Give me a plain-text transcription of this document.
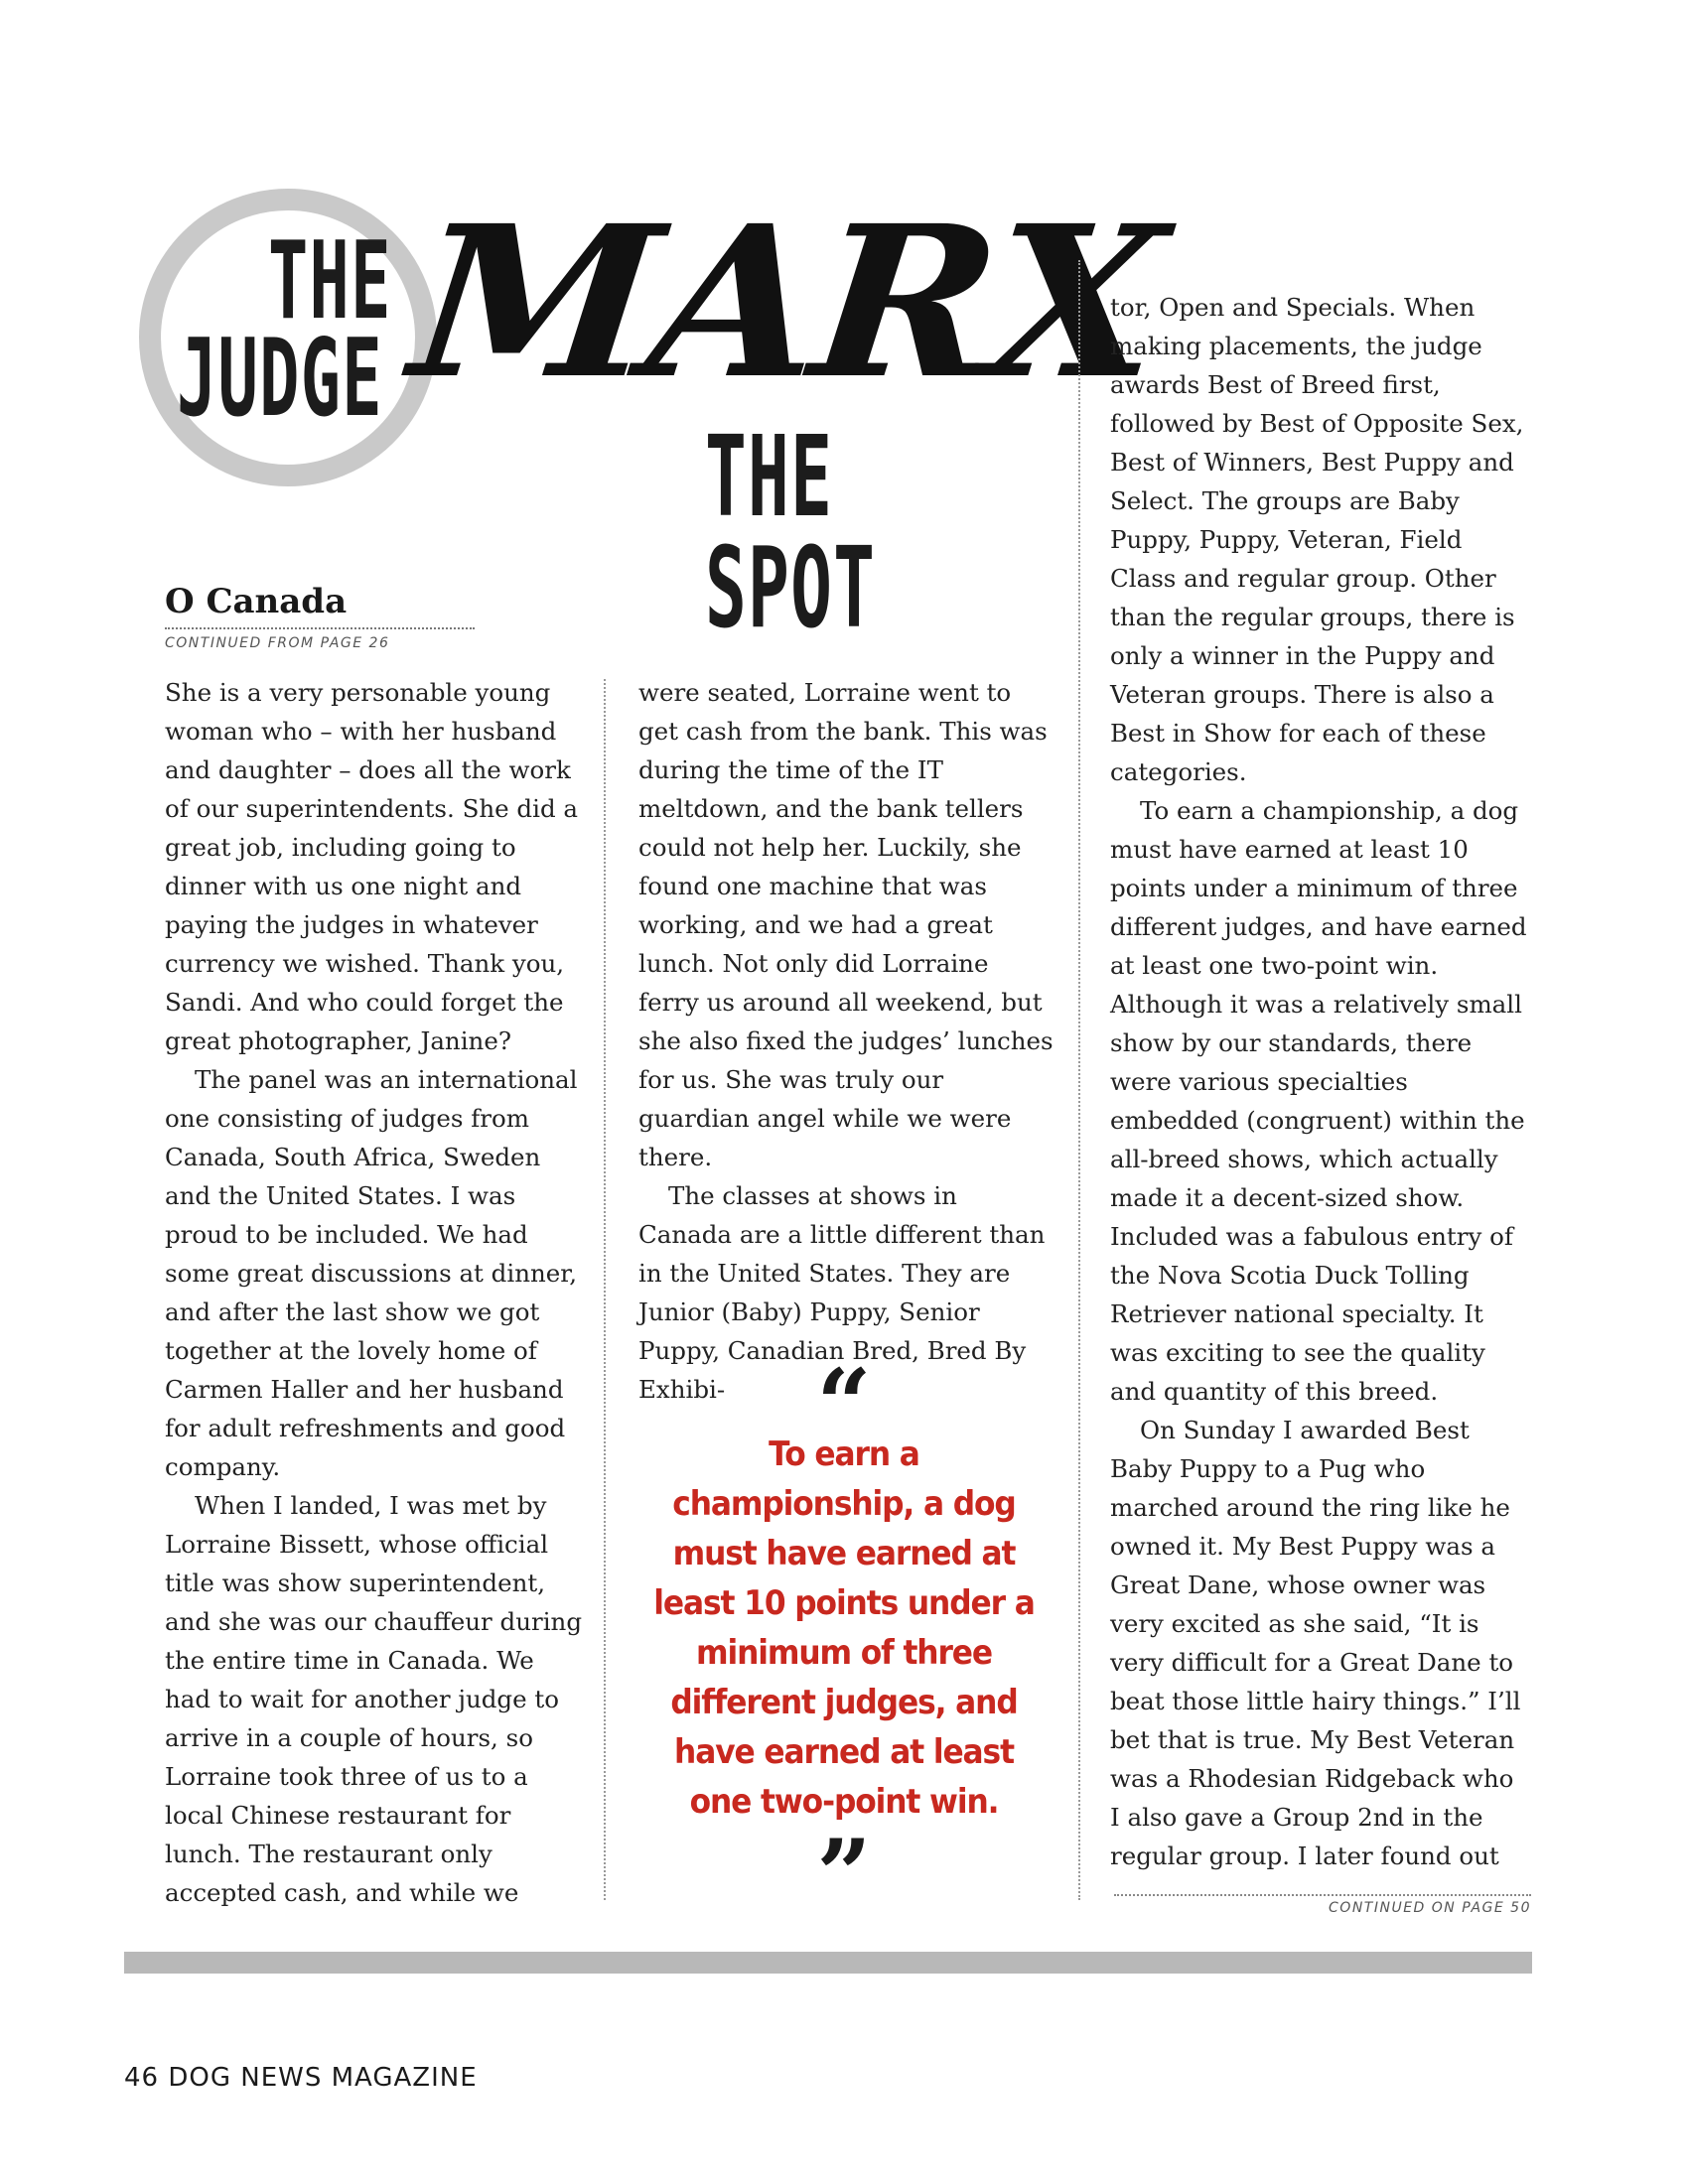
THE
JUDGE MARX
THE SPOT
O Canada
CONTINUED FROM PAGE 26

She is a very personable young woman who – with her husband and daughter – does all the work of our superintendents. She did a great job, including going to dinner with us one night and paying the judges in whatever currency we wished. Thank you, Sandi. And who could forget the great photographer, Janine?

The panel was an international one consisting of judges from Canada, South Africa, Sweden and the United States. I was proud to be included. We had some great discussions at dinner, and after the last show we got together at the lovely home of Carmen Haller and her husband for adult refreshments and good company.

When I landed, I was met by Lorraine Bissett, whose official title was show superintendent, and she was our chauffeur during the entire time in Canada. We had to wait for another judge to arrive in a couple of hours, so Lorraine took three of us to a local Chinese restaurant for lunch. The restaurant only accepted cash, and while we

were seated, Lorraine went to get cash from the bank. This was during the time of the IT meltdown, and the bank tellers could not help her. Luckily, she found one machine that was working, and we had a great lunch. Not only did Lorraine ferry us around all weekend, but she also fixed the judges’ lunches for us. She was truly our guardian angel while we were there.

The classes at shows in Canada are a little different than in the United States. They are Junior (Baby) Puppy, Senior Puppy, Canadian Bred, Bred By Exhibi- “
To earn a championship, a dog must have earned at least 10 points under a minimum of three different judges, and have earned at least one two-point win.
”

tor, Open and Specials. When making placements, the judge awards Best of Breed first, followed by Best of Opposite Sex, Best of Winners, Best Puppy and Select. The groups are Baby Puppy, Puppy, Veteran, Field Class and regular group. Other than the regular groups, there is only a winner in the Puppy and Veteran groups. There is also a Best in Show for each of these categories.

To earn a championship, a dog must have earned at least 10 points under a minimum of three different judges, and have earned at least one two-point win. Although it was a relatively small show by our standards, there were various specialties embedded (congruent) within the all-breed shows, which actually made it a decent-sized show. Included was a fabulous entry of the Nova Scotia Duck Tolling Retriever national specialty. It was exciting to see the quality and quantity of this breed.

On Sunday I awarded Best Baby Puppy to a Pug who marched around the ring like he owned it. My Best Puppy was a Great Dane, whose owner was very excited as she said, “It is very difficult for a Great Dane to beat those little hairy things.” I’ll bet that is true. My Best Veteran was a Rhodesian Ridgeback who I also gave a Group 2nd in the regular group. I later found out

CONTINUED ON PAGE 50
46 DOG NEWS MAGAZINE
